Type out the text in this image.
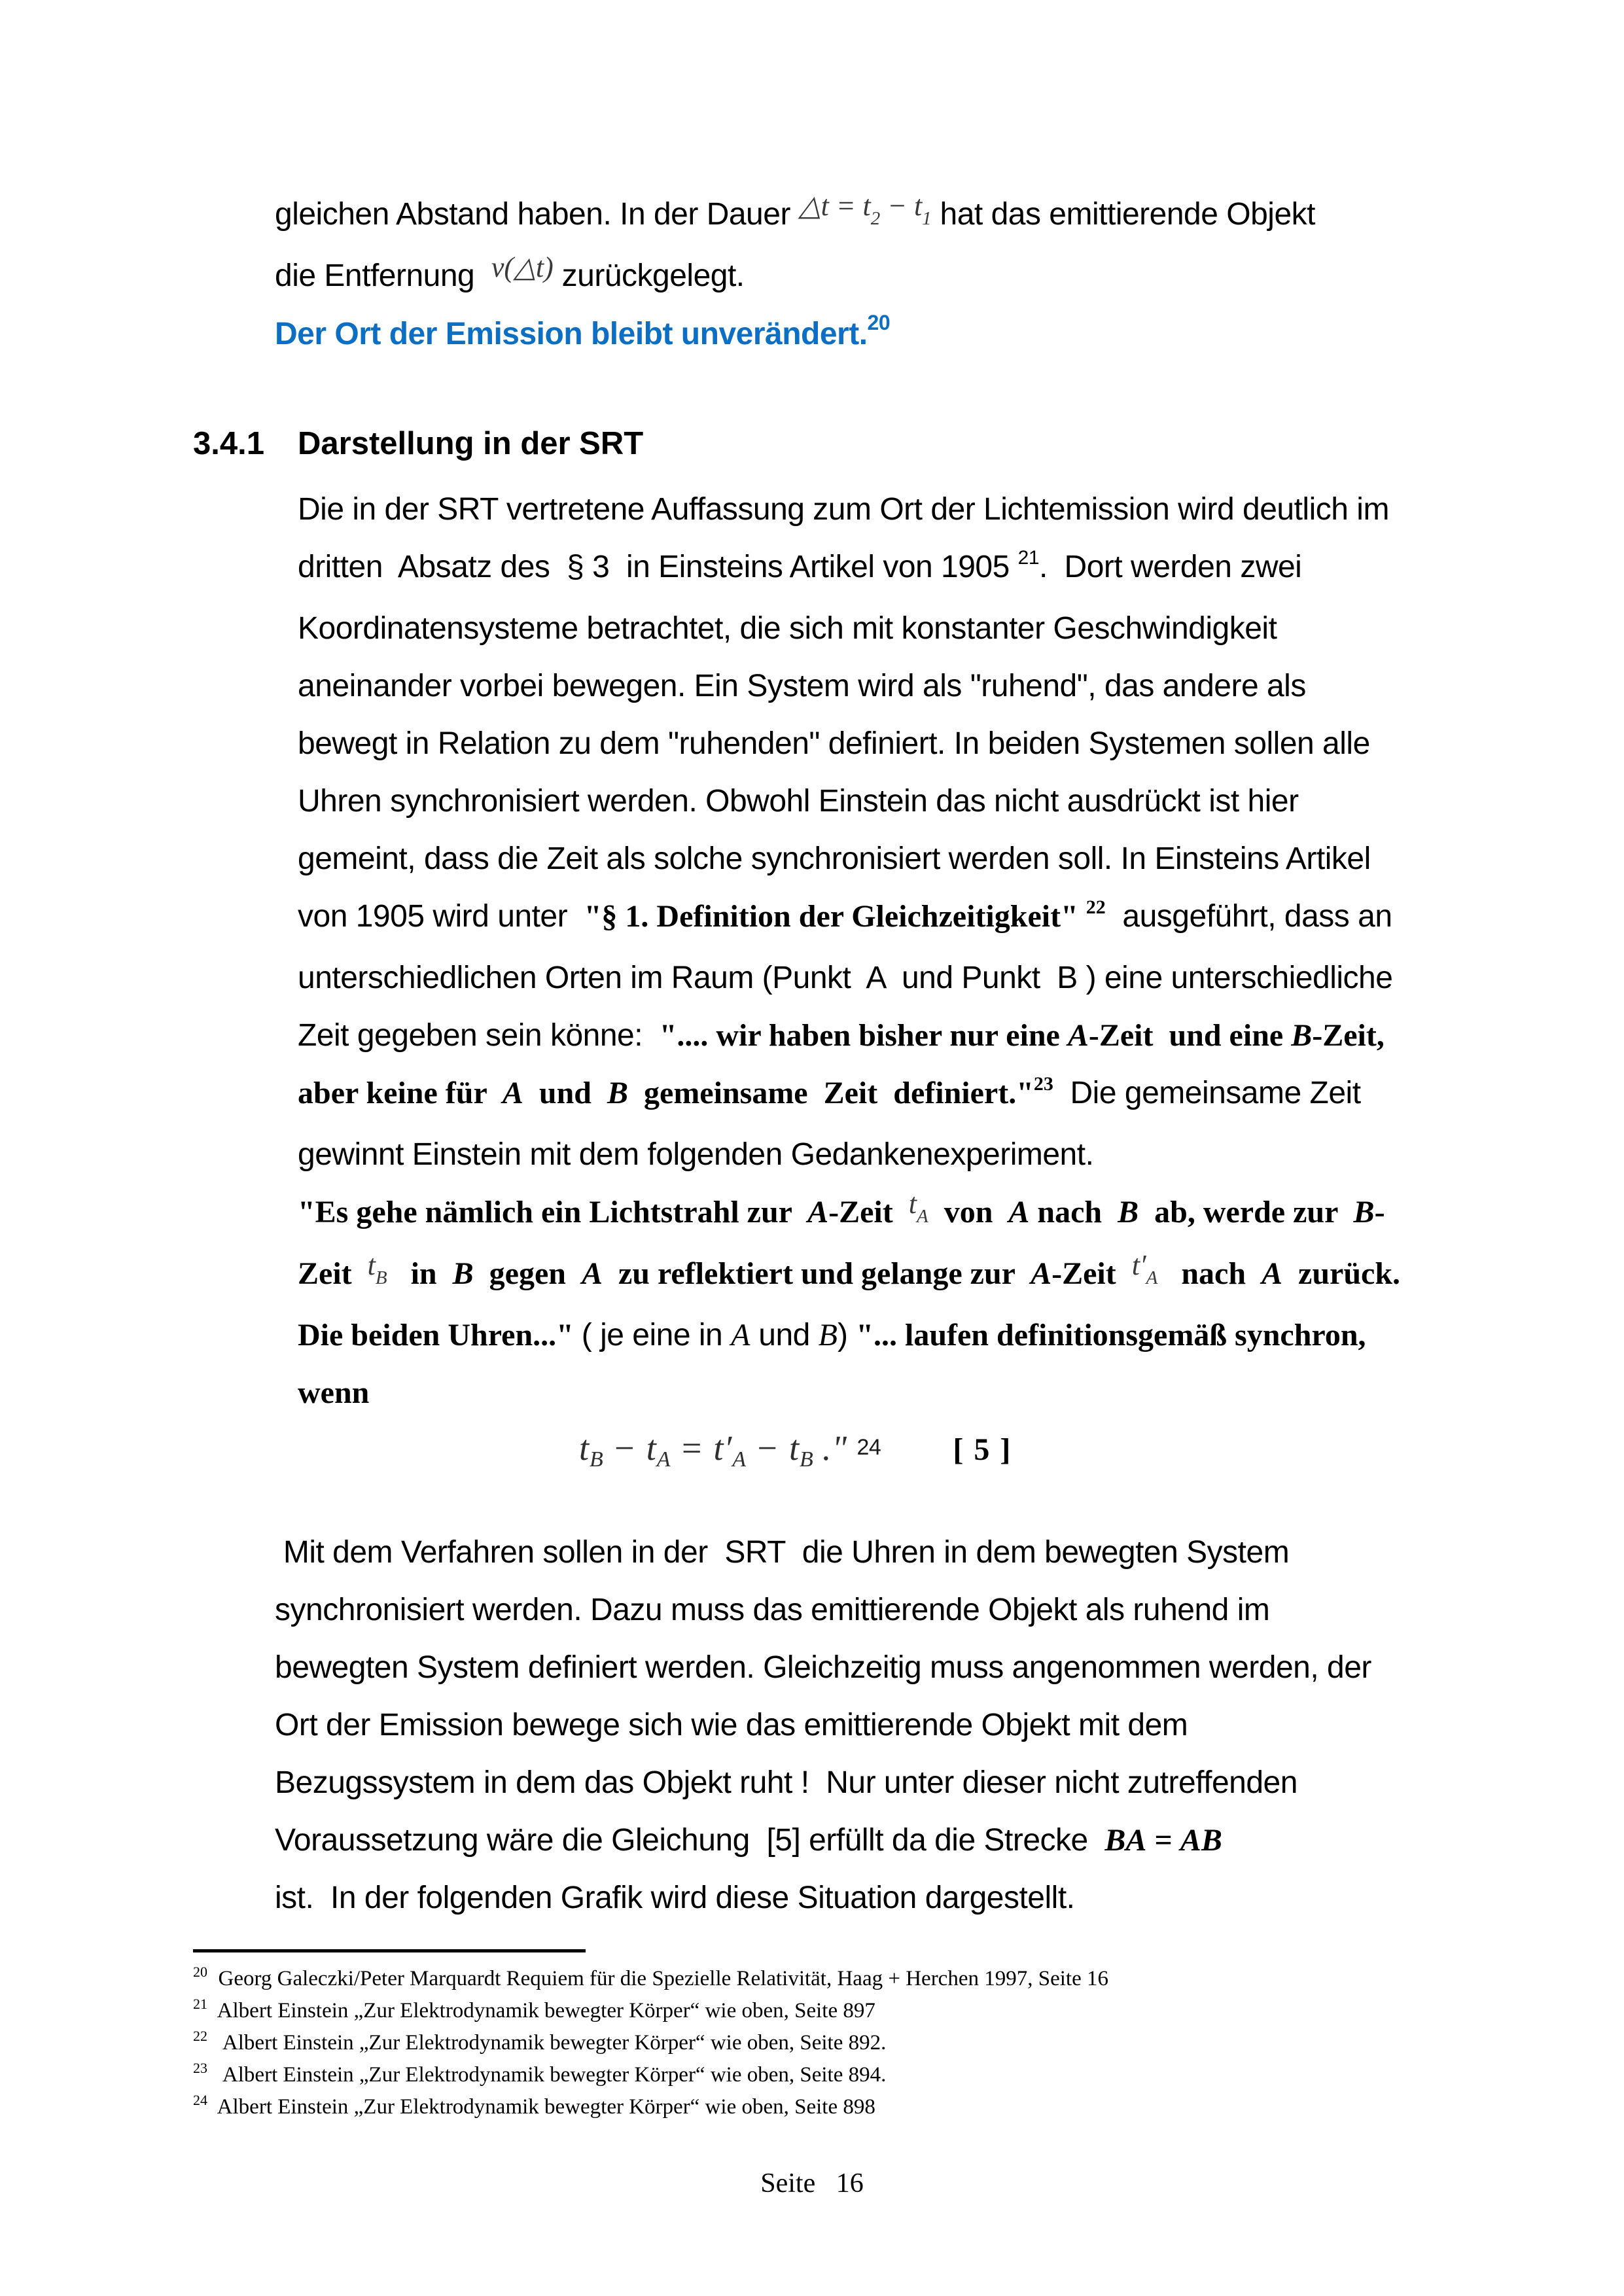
gleichen Abstand haben. In der Dauer △t = t2 − t1 hat das emittierende Objekt
die Entfernung  v(△t) zurückgelegt.
Der Ort der Emission bleibt unverändert.$^{20}$
3.4.1 Darstellung in der SRT
Die in der SRT vertretene Auffassung zum Ort der Lichtemission wird deutlich im
dritten  Absatz des  § 3  in Einsteins Artikel von 1905 $^{21}$​.  Dort werden zwei
Koordinatensysteme betrachtet, die sich mit konstanter Geschwindigkeit
aneinander vorbei bewegen. Ein System wird als "ruhend", das andere als
bewegt in Relation zu dem "ruhenden" definiert. In beiden Systemen sollen alle
Uhren synchronisiert werden. Obwohl Einstein das nicht ausdrückt ist hier
gemeint, dass die Zeit als solche synchronisiert werden soll. In Einsteins Artikel
von 1905 wird unter  "§ 1. Definition der Gleichzeitigkeit" $^{22}$  ausgeführt, dass an
unterschiedlichen Orten im Raum (Punkt  A  und Punkt  B ) eine unterschiedliche
Zeit gegeben sein könne:  ".... wir haben bisher nur eine A-Zeit  und eine B-Zeit,
aber keine für  A  und  B  gemeinsame  Zeit  definiert."$^{23}$  Die gemeinsame Zeit
gewinnt Einstein mit dem folgenden Gedankenexperiment.
"Es gehe nämlich ein Lichtstrahl zur  A-Zeit  tA  von  A nach  B  ab, werde zur  B-
Zeit  tB   in  B  gegen  A  zu reflektiert und gelange zur  A-Zeit  t′A   nach  A  zurück.
Die beiden Uhren..." ( je eine in A und B) "... laufen definitionsgemäß synchron,
wenn
$t_B - t_A = t'_A - t_B$ ." 24 [ 5 ]
Mit dem Verfahren sollen in der  SRT  die Uhren in dem bewegten System
synchronisiert werden. Dazu muss das emittierende Objekt als ruhend im
bewegten System definiert werden. Gleichzeitig muss angenommen werden, der
Ort der Emission bewege sich wie das emittierende Objekt mit dem
Bezugssystem in dem das Objekt ruht !  Nur unter dieser nicht zutreffenden
Voraussetzung wäre die Gleichung  [5] erfüllt da die Strecke  BA = AB
ist.  In der folgenden Grafik wird diese Situation dargestellt.
$^{20}$  Georg Galeczki/Peter Marquardt Requiem für die Spezielle Relativität, Haag + Herchen 1997, Seite 16
$^{21}$  Albert Einstein „Zur Elektrodynamik bewegter Körper“ wie oben, Seite 897
$^{22}$   Albert Einstein „Zur Elektrodynamik bewegter Körper“ wie oben, Seite 892.
$^{23}$   Albert Einstein „Zur Elektrodynamik bewegter Körper“ wie oben, Seite 894.
$^{24}$  Albert Einstein „Zur Elektrodynamik bewegter Körper“ wie oben, Seite 898
Seite   16
